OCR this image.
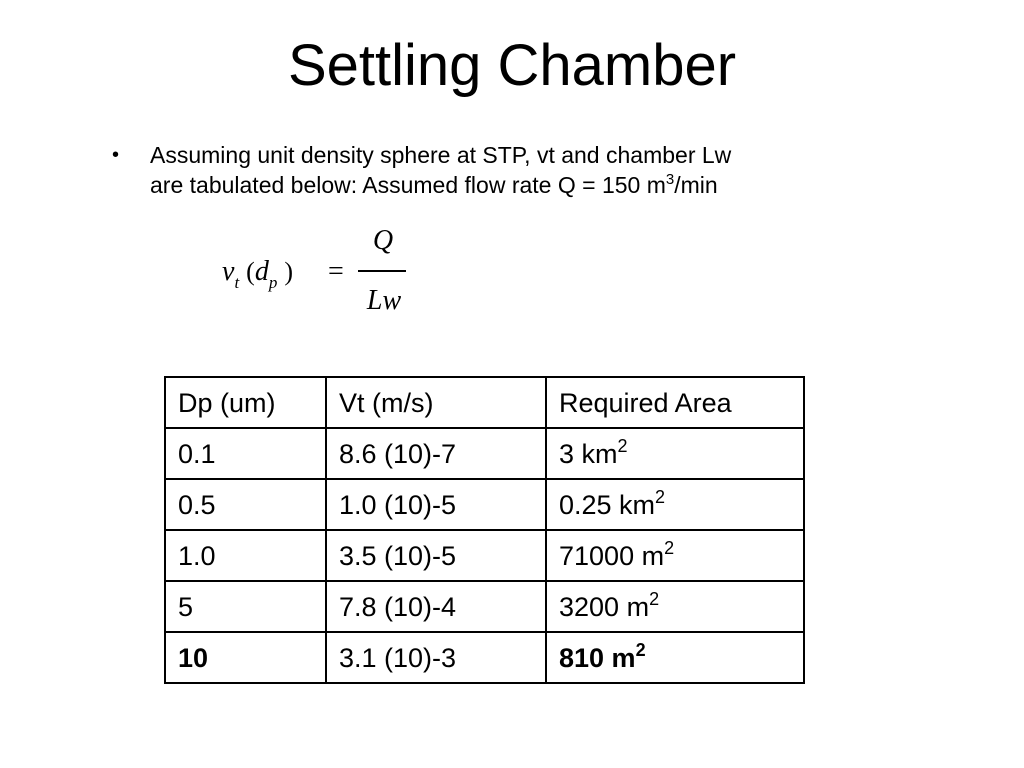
Settling Chamber
• Assuming unit density sphere at STP, vt and chamber Lw
are tabulated below: Assumed flow rate Q = 150 $m^3/\min$
$v_t$ ($d_p$ ) =
Q
Lw
Dp (um)	Vt (m/s)	Required Area
0.1	8.6 (10)-7	3 $km^2$
0.5	1.0 (10)-5	0.25 $km^2$
1.0	3.5 (10)-5	71000 $m^2$
5	7.8 (10)-4	3200 $m^2$
10	3.1 (10)-3	810 $m^2$
